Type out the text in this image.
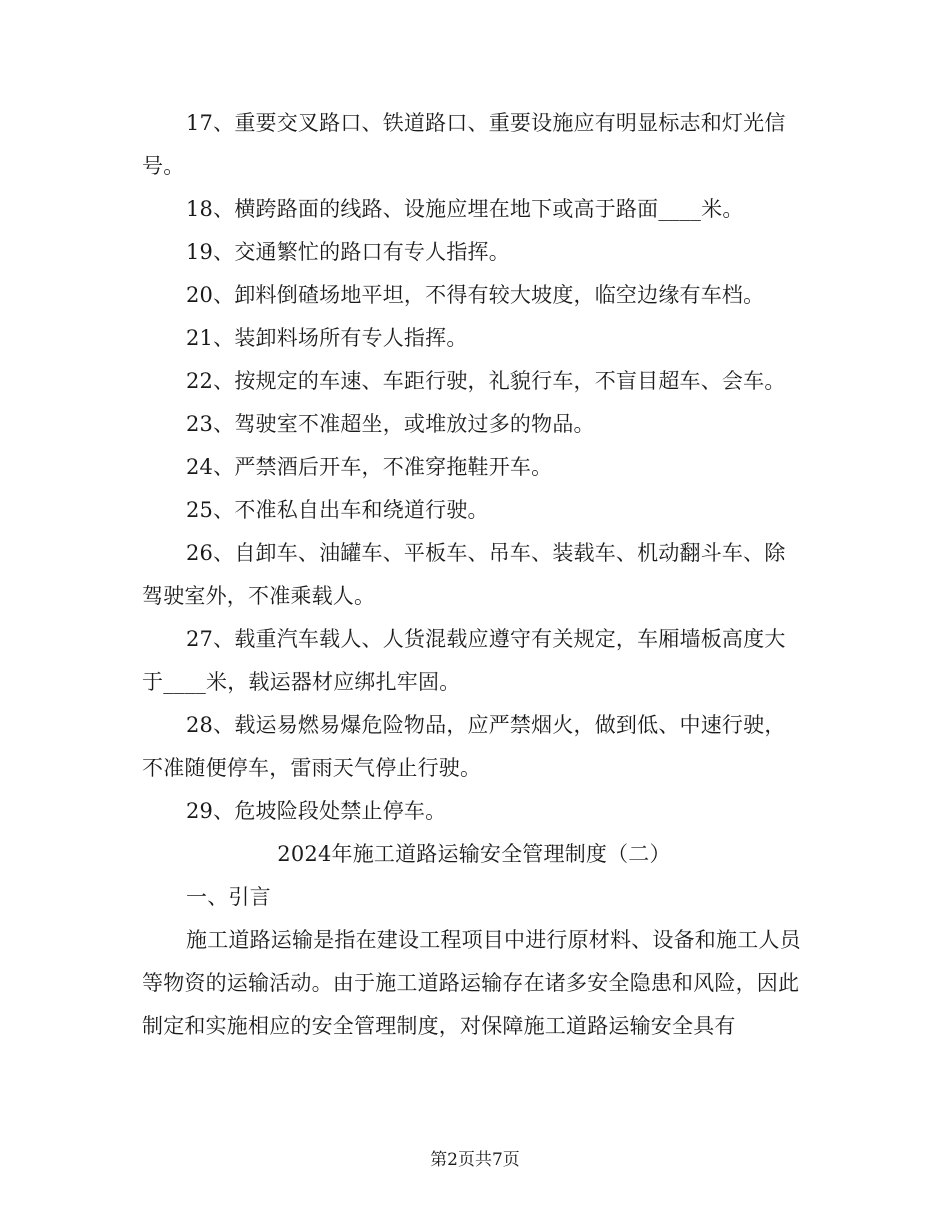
17、重要交叉路口、铁道路口、重要设施应有明显标志和灯光信号。

18、横跨路面的线路、设施应埋在地下或高于路面____米。

19、交通繁忙的路口有专人指挥。

20、卸料倒碴场地平坦，不得有较大坡度，临空边缘有车档。

21、装卸料场所有专人指挥。

22、按规定的车速、车距行驶，礼貌行车，不盲目超车、会车。

23、驾驶室不准超坐，或堆放过多的物品。

24、严禁酒后开车，不准穿拖鞋开车。

25、不准私自出车和绕道行驶。

26、自卸车、油罐车、平板车、吊车、装载车、机动翻斗车、除驾驶室外，不准乘载人。

27、载重汽车载人、人货混载应遵守有关规定，车厢墙板高度大于____米，载运器材应绑扎牢固。

28、载运易燃易爆危险物品，应严禁烟火，做到低、中速行驶，不准随便停车，雷雨天气停止行驶。

29、危坡险段处禁止停车。

2024年施工道路运输安全管理制度（二）

一、引言

施工道路运输是指在建设工程项目中进行原材料、设备和施工人员等物资的运输活动。由于施工道路运输存在诸多安全隐患和风险，因此制定和实施相应的安全管理制度，对保障施工道路运输安全具有

第2页共7页
